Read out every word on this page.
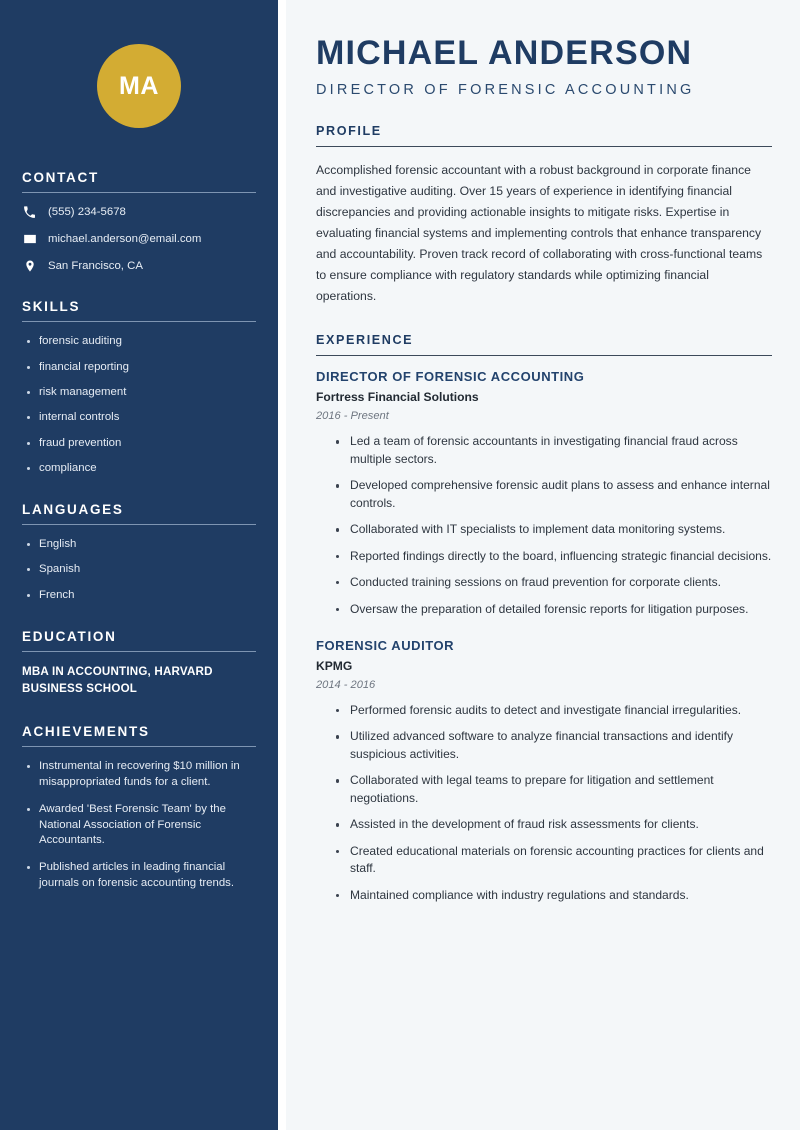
MA
CONTACT
(555) 234-5678
michael.anderson@email.com
San Francisco, CA
SKILLS
forensic auditing
financial reporting
risk management
internal controls
fraud prevention
compliance
LANGUAGES
English
Spanish
French
EDUCATION
MBA IN ACCOUNTING, HARVARD BUSINESS SCHOOL
ACHIEVEMENTS
Instrumental in recovering $10 million in misappropriated funds for a client.
Awarded 'Best Forensic Team' by the National Association of Forensic Accountants.
Published articles in leading financial journals on forensic accounting trends.
MICHAEL ANDERSON
DIRECTOR OF FORENSIC ACCOUNTING
PROFILE

Accomplished forensic accountant with a robust background in corporate finance and investigative auditing. Over 15 years of experience in identifying financial discrepancies and providing actionable insights to mitigate risks. Expertise in evaluating financial systems and implementing controls that enhance transparency and accountability. Proven track record of collaborating with cross-functional teams to ensure compliance with regulatory standards while optimizing financial operations.

EXPERIENCE
DIRECTOR OF FORENSIC ACCOUNTING
Fortress Financial Solutions
2016 - Present
Led a team of forensic accountants in investigating financial fraud across multiple sectors.
Developed comprehensive forensic audit plans to assess and enhance internal controls.
Collaborated with IT specialists to implement data monitoring systems.
Reported findings directly to the board, influencing strategic financial decisions.
Conducted training sessions on fraud prevention for corporate clients.
Oversaw the preparation of detailed forensic reports for litigation purposes.
FORENSIC AUDITOR
KPMG
2014 - 2016
Performed forensic audits to detect and investigate financial irregularities.
Utilized advanced software to analyze financial transactions and identify suspicious activities.
Collaborated with legal teams to prepare for litigation and settlement negotiations.
Assisted in the development of fraud risk assessments for clients.
Created educational materials on forensic accounting practices for clients and staff.
Maintained compliance with industry regulations and standards.
